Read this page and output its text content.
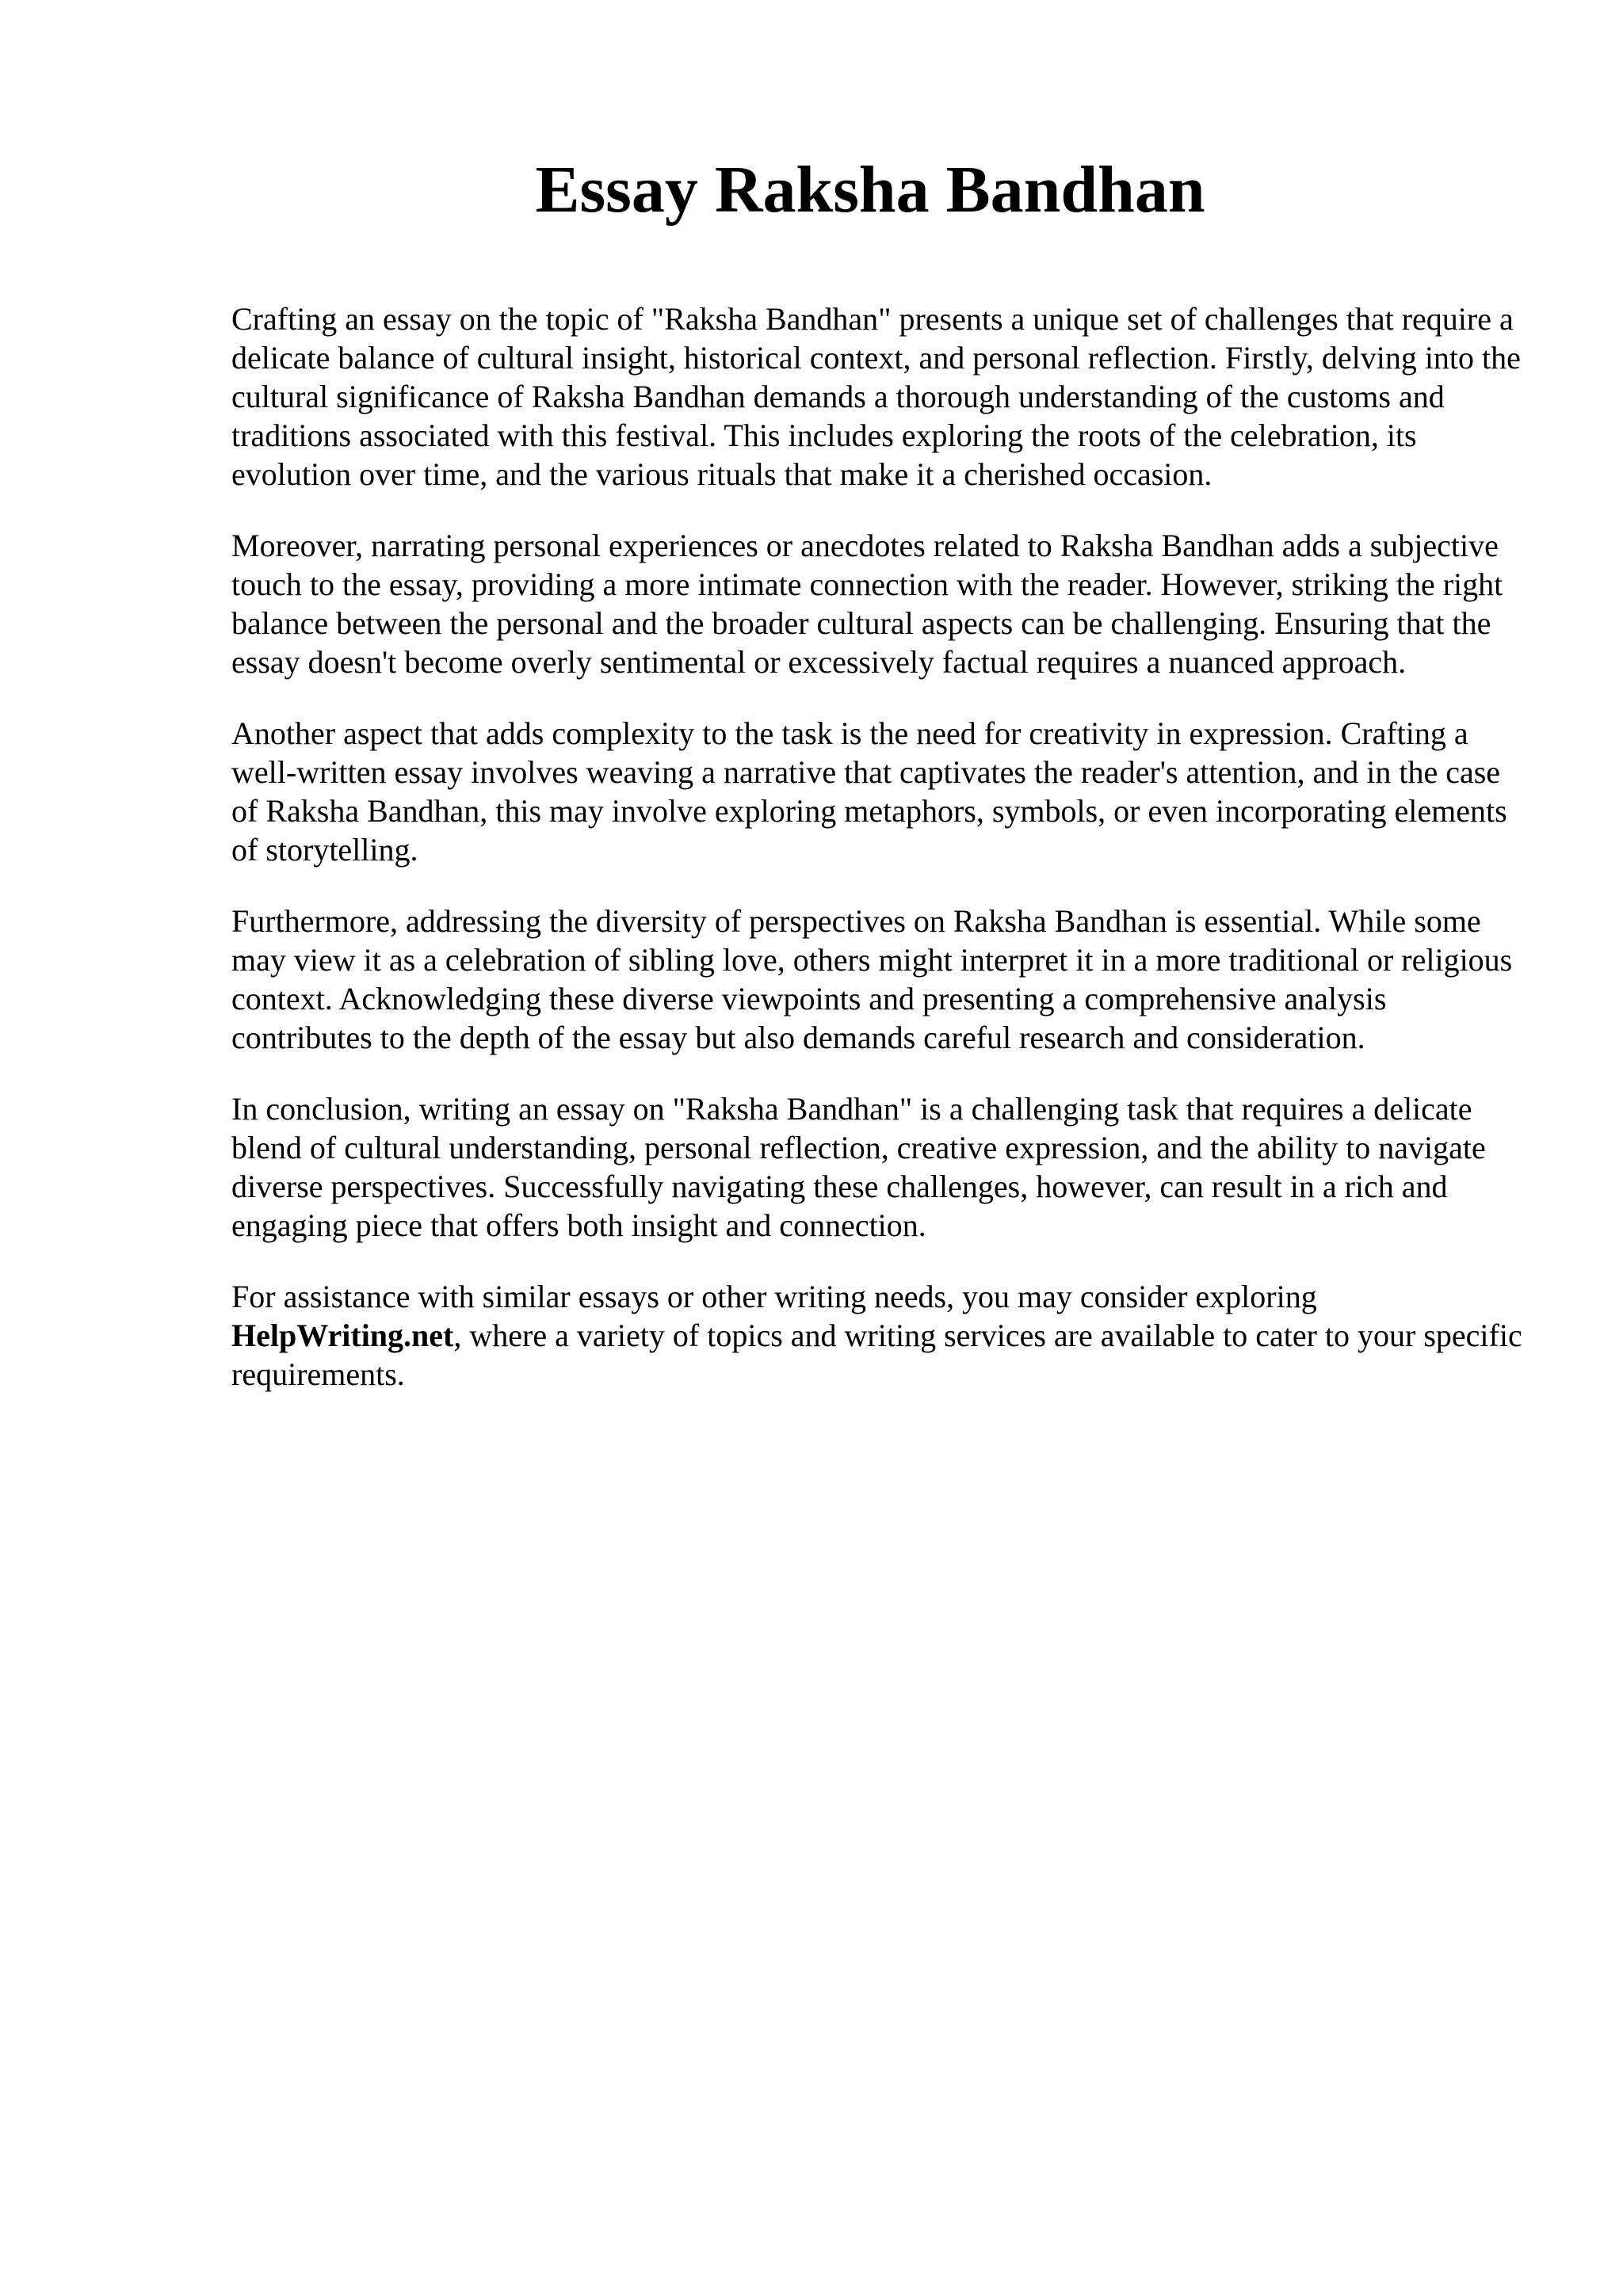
Essay Raksha Bandhan

Crafting an essay on the topic of "Raksha Bandhan" presents a unique set of challenges that require a delicate balance of cultural insight, historical context, and personal reflection. Firstly, delving into the cultural significance of Raksha Bandhan demands a thorough understanding of the customs and traditions associated with this festival. This includes exploring the roots of the celebration, its evolution over time, and the various rituals that make it a cherished occasion.

Moreover, narrating personal experiences or anecdotes related to Raksha Bandhan adds a subjective touch to the essay, providing a more intimate connection with the reader. However, striking the right balance between the personal and the broader cultural aspects can be challenging. Ensuring that the essay doesn't become overly sentimental or excessively factual requires a nuanced approach.

Another aspect that adds complexity to the task is the need for creativity in expression. Crafting a well-written essay involves weaving a narrative that captivates the reader's attention, and in the case of Raksha Bandhan, this may involve exploring metaphors, symbols, or even incorporating elements of storytelling.

Furthermore, addressing the diversity of perspectives on Raksha Bandhan is essential. While some may view it as a celebration of sibling love, others might interpret it in a more traditional or religious context. Acknowledging these diverse viewpoints and presenting a comprehensive analysis contributes to the depth of the essay but also demands careful research and consideration.

In conclusion, writing an essay on "Raksha Bandhan" is a challenging task that requires a delicate blend of cultural understanding, personal reflection, creative expression, and the ability to navigate diverse perspectives. Successfully navigating these challenges, however, can result in a rich and engaging piece that offers both insight and connection.

For assistance with similar essays or other writing needs, you may consider exploring HelpWriting.net, where a variety of topics and writing services are available to cater to your specific requirements.
